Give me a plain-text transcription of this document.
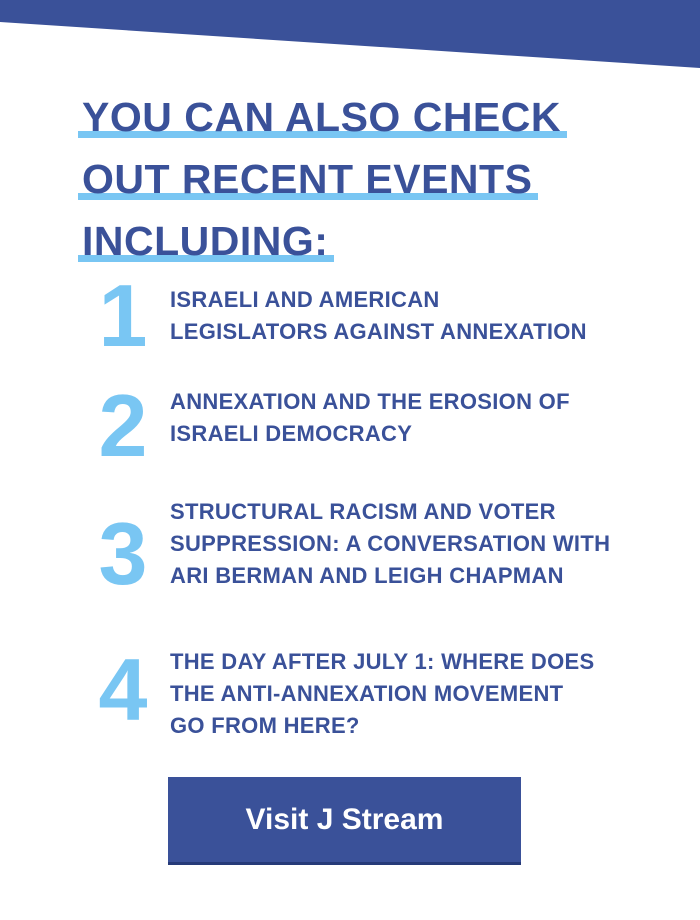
YOU CAN ALSO CHECK
OUT RECENT EVENTS
INCLUDING:
1 ISRAELI AND AMERICAN
LEGISLATORS AGAINST ANNEXATION
2 ANNEXATION AND THE EROSION OF
ISRAELI DEMOCRACY
3 STRUCTURAL RACISM AND VOTER
SUPPRESSION: A CONVERSATION WITH
ARI BERMAN AND LEIGH CHAPMAN
4 THE DAY AFTER JULY 1: WHERE DOES
THE ANTI-ANNEXATION MOVEMENT
GO FROM HERE?
Visit J Stream
